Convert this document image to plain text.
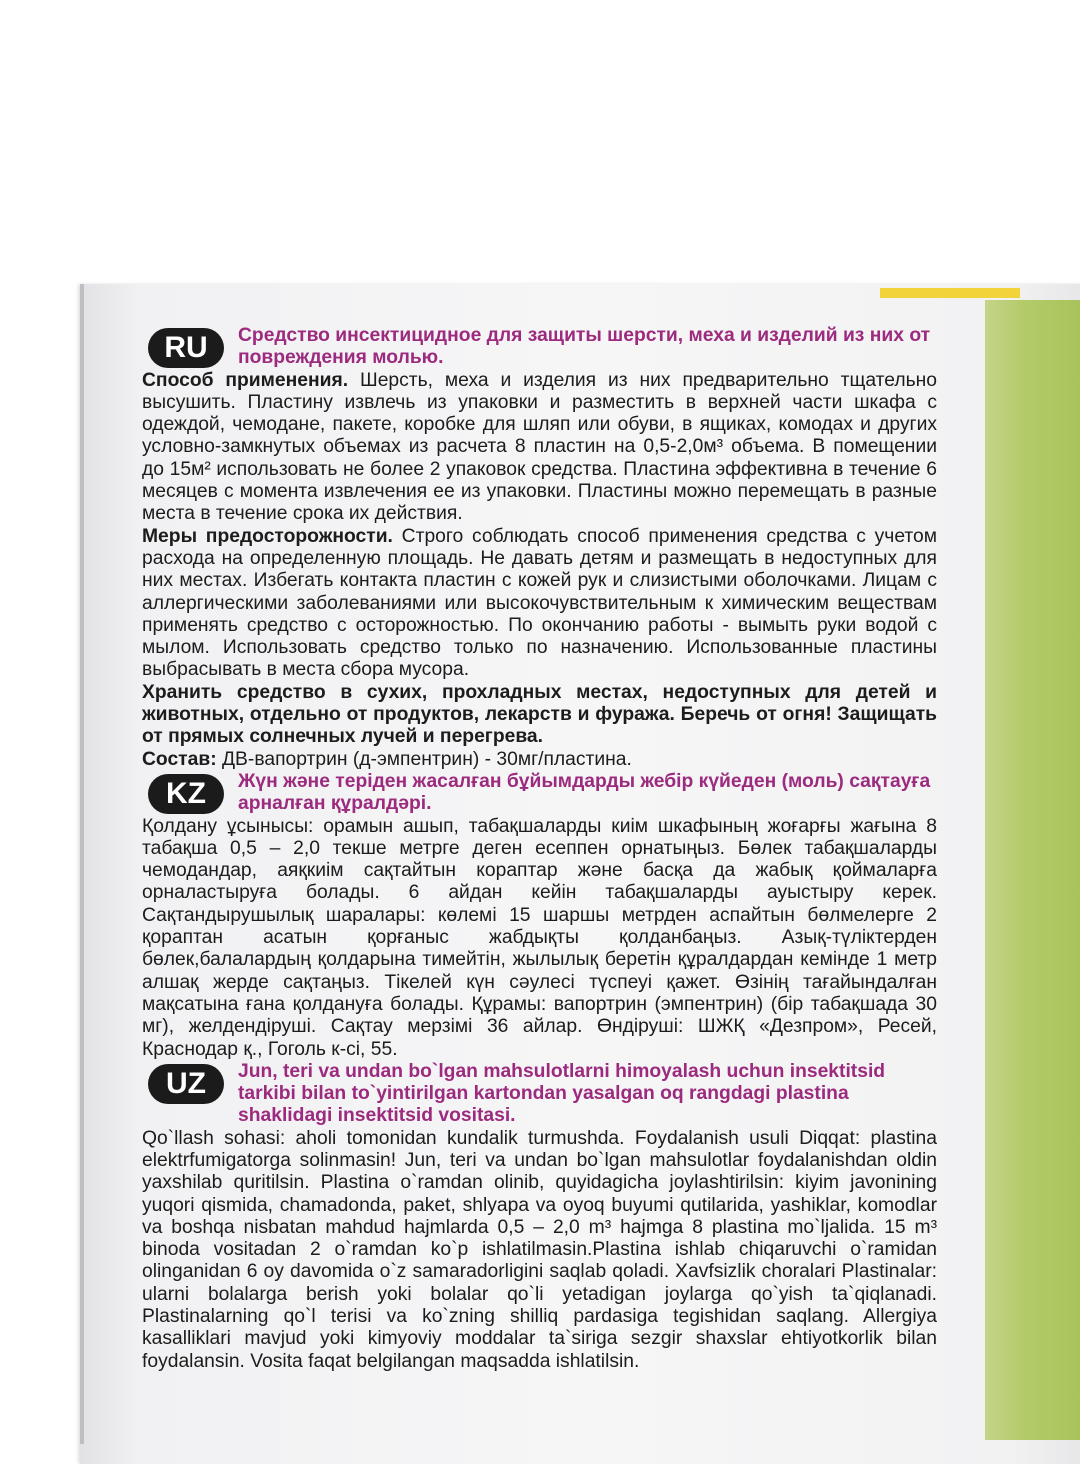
RU	Средство инсектицидное для защиты шерсти, меха и изделий из них от повреждения молью.

Способ применения. Шерсть, меха и изделия из них предварительно тщательно высушить. Пластину извлечь из упаковки и разместить в верхней части шкафа с одеждой, чемодане, пакете, коробке для шляп или обуви, в ящиках, комодах и других условно-замкнутых объемах из расчета 8 пластин на 0,5-2,0м³ объема. В помещении до 15м² использовать не более 2 упаковок средства. Пластина эффективна в течение 6 месяцев с момента извлечения ее из упаковки. Пластины можно перемещать в разные места в течение срока их действия.

Меры предосторожности. Строго соблюдать способ применения средства с учетом расхода на определенную площадь. Не давать детям и размещать в недоступных для них местах. Избегать контакта пластин с кожей рук и слизистыми оболочками. Лицам с аллергическими заболеваниями или высокочувствительным к химическим веществам применять средство с осторожностью. По окончанию работы - вымыть руки водой с мылом. Использовать средство только по назначению. Использованные пластины выбрасывать в места сбора мусора.

Хранить средство в сухих, прохладных местах, недоступных для детей и животных, отдельно от продуктов, лекарств и фуража. Беречь от огня! Защищать от прямых солнечных лучей и перегрева.

Состав: ДВ-вапортрин (д-эмпентрин) - 30мг/пластина.

KZ	Жүн және теріден жасалған бұйымдарды жебір күйеден (моль) сақтауға арналған құралдәрі.

Қолдану ұсынысы: орамын ашып, табақшаларды киім шкафының жоғарғы жағына 8 табақша 0,5 – 2,0 текше метрге деген есеппен орнатыңыз. Бөлек табақшаларды чемодандар, аяқкиім сақтайтын корaптар және басқа да жабық қоймаларға орналастыруға болады. 6 айдан кейін табақшаларды ауыстыру керек. Сақтандырушылық шаралары: көлемі 15 шаршы метрден аспайтын бөлмелерге 2 қораптан асатын қорғаныс жабдықты қолданбаңыз. Азық-түліктерден бөлек,балалардың қолдарына тимейтін, жылылық беретін құралдардан кемінде 1 метр алшақ жерде сақтаңыз. Тікелей күн сәулесі түспеуі қажет. Өзінің тағайындалған мақсатына ғана қолдануға болады. Құрамы: вапортрин (эмпентрин) (бір табақшада 30 мг), желдендіруші. Сақтау мерзімі 36 айлар. Өндіруші: ШЖҚ «Дезпром», Ресей, Краснодар қ., Гоголь к-сі, 55.

UZ	Jun, teri va undan bo`lgan mahsulotlarni himoyalash uchun insektitsid tarkibi bilan to`yintirilgan kartondan yasalgan oq rangdagi plastina shaklidagi insektitsid vositasi.

Qo`llash sohasi: aholi tomonidan kundalik turmushda. Foydalanish usuli Diqqat: plastina elektrfumigatorga solinmasin! Jun, teri va undan bo`lgan mahsulotlar foydalanishdan oldin yaxshilab quritilsin. Plastina o`ramdan olinib, quyidagicha joylashtirilsin: kiyim javonining yuqori qismida, chamadonda, paket, shlyapa va oyoq buyumi qutilarida, yashiklar, komodlar va boshqa nisbatan mahdud hajmlarda 0,5 – 2,0 m³ hajmga 8 plastina mo`ljalida. 15 m³ binoda vositadan 2 o`ramdan ko`p ishlatilmasin.Plastina ishlab chiqaruvchi o`ramidan olinganidan 6 oy davomida o`z samaradorligini saqlab qoladi. Xavfsizlik choralari Plastinalar: ularni bolalarga berish yoki bolalar qo`li yetadigan joylarga qo`yish ta`qiqlanadi. Plastinalarning qo`l terisi va ko`zning shilliq pardasiga tegishidan saqlang. Allergiya kasalliklari mavjud yoki kimyoviy moddalar ta`siriga sezgir shaxslar ehtiyotkorlik bilan foydalansin. Vosita faqat belgilangan maqsadda ishlatilsin.
